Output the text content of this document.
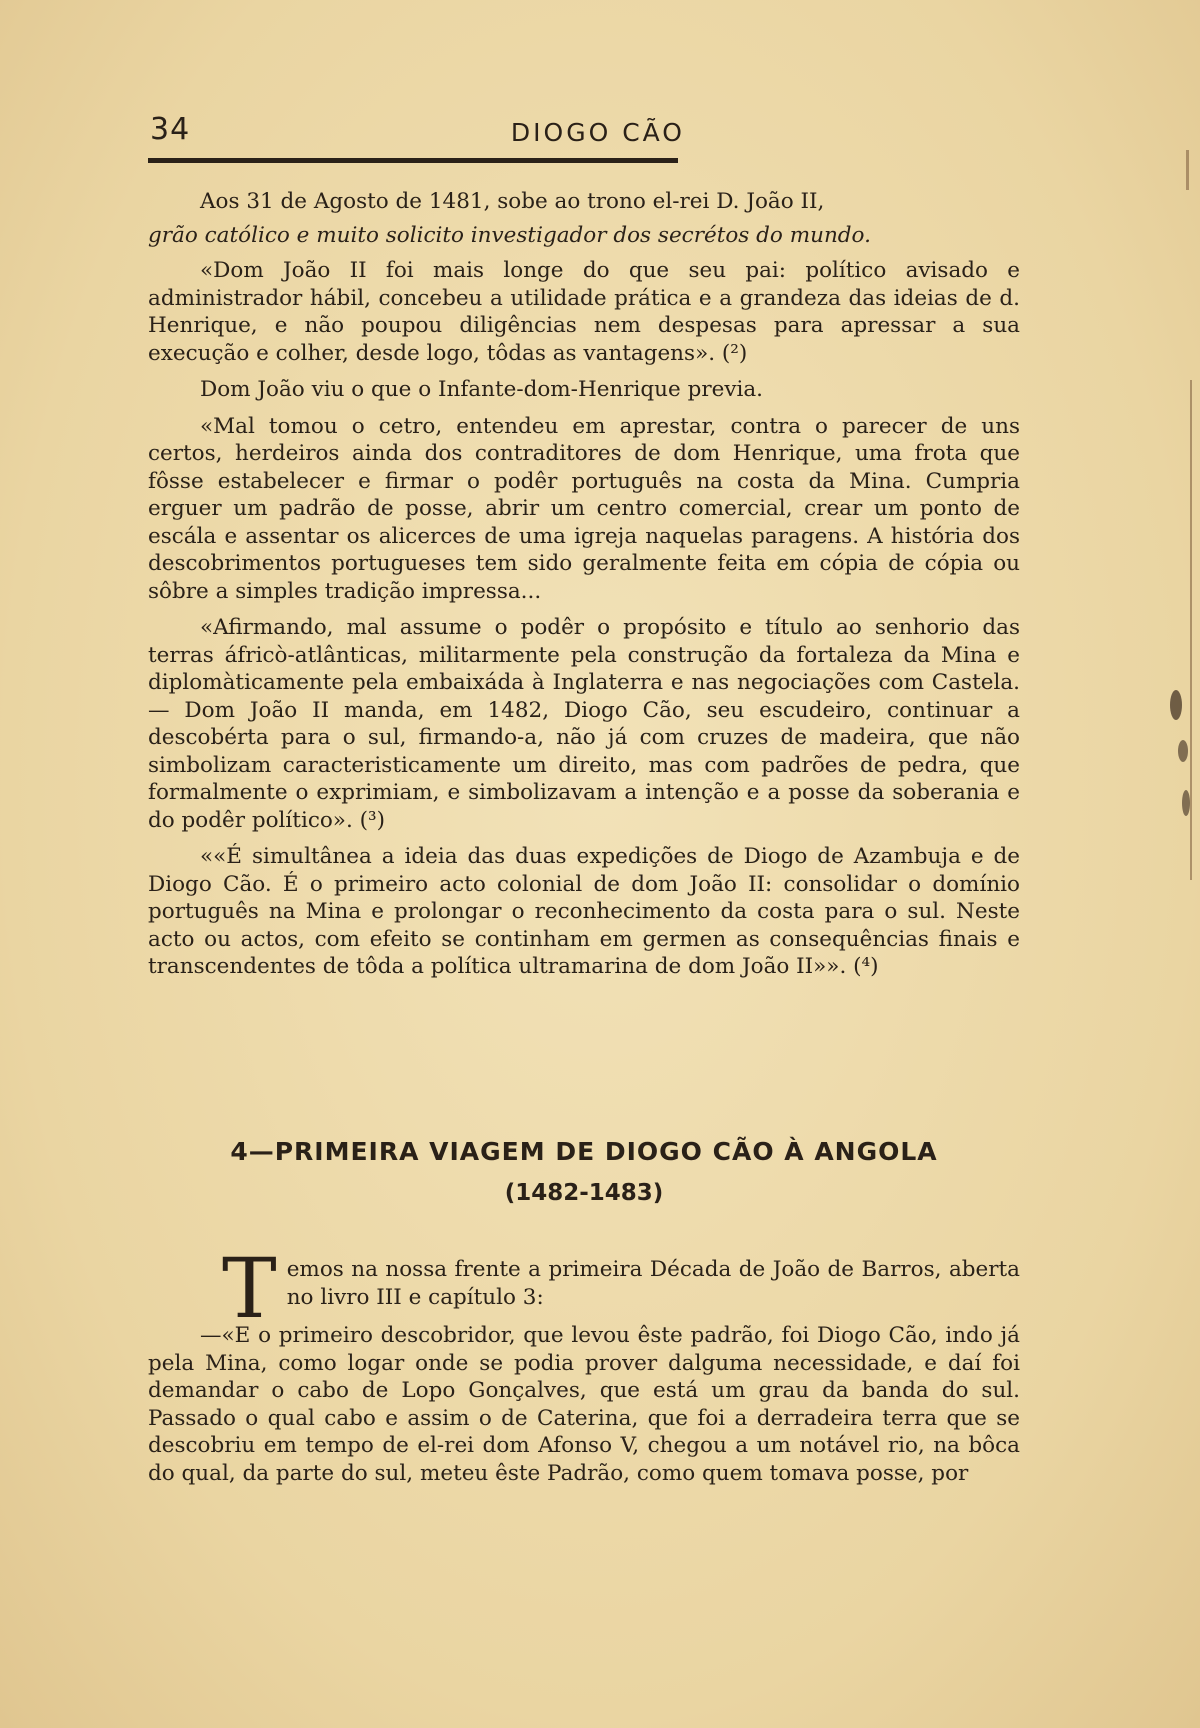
34	DIOGO CÃO

Aos 31 de Agosto de 1481, sobe ao trono el-rei D. João II,

grão católico e muito solicito investigador dos secrétos do mundo.

«Dom João II foi mais longe do que seu pai: político avisado e administrador hábil, concebeu a utilidade prática e a grandeza das ideias de d. Henrique, e não poupou diligências nem despesas para apressar a sua execução e colher, desde logo, tôdas as vantagens». (²)

Dom João viu o que o Infante-dom-Henrique previa.

«Mal tomou o cetro, entendeu em aprestar, contra o parecer de uns certos, herdeiros ainda dos contraditores de dom Henrique, uma frota que fôsse estabelecer e firmar o podêr português na costa da Mina. Cumpria erguer um padrão de posse, abrir um centro comercial, crear um ponto de escála e assentar os alicerces de uma igreja naquelas paragens. A história dos descobrimentos portugueses tem sido geralmente feita em cópia de cópia ou sôbre a simples tradição impressa...

«Afirmando, mal assume o podêr o propósito e título ao senhorio das terras áfricò-atlânticas, militarmente pela construção da fortaleza da Mina e diplomàticamente pela embaixáda à Inglaterra e nas negociações com Castela. — Dom João II manda, em 1482, Diogo Cão, seu escudeiro, continuar a descobérta para o sul, firmando-a, não já com cruzes de madeira, que não simbolizam caracteristicamente um direito, mas com padrões de pedra, que formalmente o exprimiam, e simbolizavam a intenção e a posse da soberania e do podêr político». (³)

««É simultânea a ideia das duas expedições de Diogo de Azambuja e de Diogo Cão. É o primeiro acto colonial de dom João II: consolidar o domínio português na Mina e prolongar o reconhecimento da costa para o sul. Neste acto ou actos, com efeito se continham em germen as consequências finais e transcendentes de tôda a política ultramarina de dom João II»». (⁴)

4—PRIMEIRA VIAGEM DE DIOGO CÃO À ANGOLA
(1482-1483)

Temos na nossa frente a primeira Década de João de Barros, aberta no livro III e capítulo 3:

—«E o primeiro descobridor, que levou êste padrão, foi Diogo Cão, indo já pela Mina, como logar onde se podia prover dalguma necessidade, e daí foi demandar o cabo de Lopo Gonçalves, que está um grau da banda do sul. Passado o qual cabo e assim o de Caterina, que foi a derradeira terra que se descobriu em tempo de el-rei dom Afonso V, chegou a um notável rio, na bôca do qual, da parte do sul, meteu êste Padrão, como quem tomava posse, por
